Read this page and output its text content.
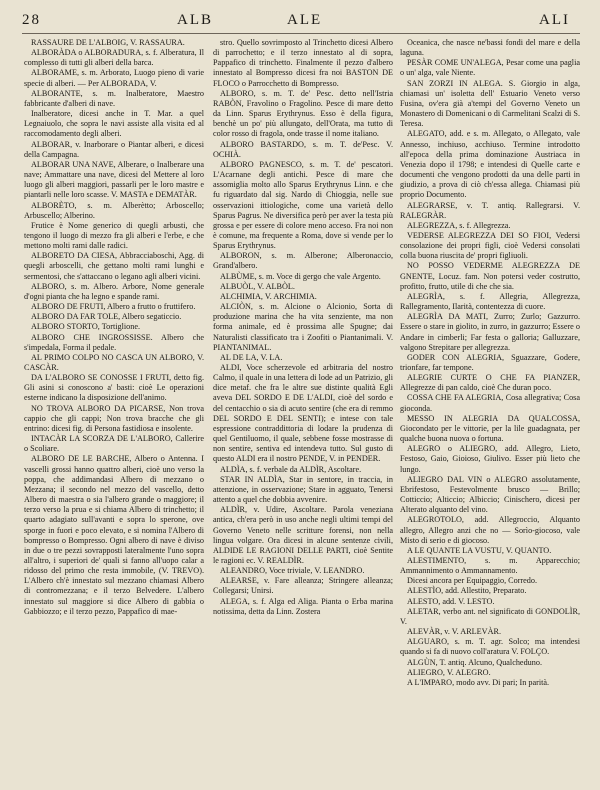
28	ALB	ALE	ALI

RASSAURE DE L'ALBOIG, V. RASSAURA.

ALBORÀDA o ALBORADURA, s. f. Alberatura, Il complesso di tutti gli alberi della barca.

ALBORAME, s. m. Arborato, Luogo pieno di varie specie di alberi. — Per ALBORADA, V.

ALBORANTE, s. m. Inalberatore, Maestro fabbricante d'alberi di nave.

Inalberatore, dicesi anche in T. Mar. a quel Legnaiuolo, che sopra le navi assiste alla visita ed al raccomodamento degli alberi.

ALBORAR, v. Inarborare o Piantar alberi, e dicesi della Campagna.

ALBORAR UNA NAVE, Alberare, o Inalberare una nave; Ammattare una nave, dicesi del Mettere al loro luogo gli alberi maggiori, passarli per le loro mastre e piantarli nelle loro scasse. V. MASTA e DEMATÀR.

ALBORÈTO, s. m. Alberètto; Arboscello; Arbuscello; Alberino.

Frutice è Nome generico di quegli arbusti, che tengono il luogo di mezzo fra gli alberi e l'erbe, e che mettono molti rami dalle radici.

ALBORETO DA CIESA, Abbracciaboschi, Agg. di quegli arboscelli, che gettano molti rami lunghi e sermentosi, che s'attaccano o legano agli alberi vicini.

ALBORO, s. m. Albero. Arbore, Nome generale d'ogni pianta che ha legno e spande rami.

ALBORO DE FRUTI, Albero a frutto o fruttifero.

ALBORO DA FAR TOLE, Albero segaticcio.

ALBORO STORTO, Tortiglione.

ALBORO CHE INGROSSISSE. Albero che s'impedala, Forma il pedale.

AL PRIMO COLPO NO CASCA UN ALBORO, V. CASCÀR.

DA L'ALBORO SE CONOSSE I FRUTI, detto fig. Gli asini si conoscono a' basti: cioè Le operazioni esterne indicano la disposizione dell'animo.

NO TROVA ALBORO DA PICARSE, Non trova cappio che gli cappi; Non trova bracche che gli entrino: dicesi fig. di Persona fastidiosa e insolente.

INTACÀR LA SCORZA DE L'ALBORO, Callerire o Scoliare.

ALBORO DE LE BARCHE, Albero o Antenna. I vascelli grossi hanno quattro alberi, cioè uno verso la poppa, che addimandasi Albero di mezzano o Mezzana; il secondo nel mezzo del vascello, detto Albero di maestra o sia l'albero grande o maggiore; il terzo verso la prua e si chiama Albero di trinchetto; il quarto adagiato sull'avanti e sopra lo sperone, ove sporge in fuori e poco elevato, e si nomina l'Albero di bompresso o Bompresso. Ogni albero di nave è diviso in due o tre pezzi sovrapposti lateralmente l'uno sopra all'altro, i superiori de' quali si fanno all'uopo calar a ridosso del primo che resta immobile, (V. TREVO). L'Albero ch'è innestato sul mezzano chiamasi Albero di contromezzana; e il terzo Belvedere. L'albero innestato sul maggiore si dice Albero di gabbia o Gabbiozzo; e il terzo pezzo, Pappafico di mae-

stro. Quello sovrimposto al Trinchetto dicesi Albero di parrochetto; e il terzo innestato al di sopra, Pappafico di trinchetto. Finalmente il pezzo d'albero innestato al Bompresso dicesi fra noi BASTON DE FLOCO o Parrocchetto di Bompresso.

ALBORO, s. m. T. de' Pesc. detto nell'Istria RABÒN, Fravolino o Fragolino. Pesce di mare detto da Linn. Sparus Erythrynus. Esso è della figura, benchè un po' più allungato, dell'Orata, ma tutto di color rosso di fragola, onde trasse il nome italiano.

ALBORO BASTARDO, s. m. T. de'Pesc. V. OCHIÀ.

ALBORO PAGNESCO, s. m. T. de' pescatori. L'Acarnane degli antichi. Pesce di mare che assomiglia molto allo Sparus Erythrynus Linn. e che fu riguardato dal sig. Nardo di Chioggia, nelle sue osservazioni ittiologiche, come una varietà dello Sparus Pagrus. Ne diversifica però per aver la testa più grossa e per essere di colore meno acceso. Fra noi non è comune, ma frequente a Roma, dove si vende per lo Sparus Erythrynus.

ALBORON, s. m. Alberone; Alberonaccio, Grand'albero.

ALBÙME, s. m. Voce di gergo che vale Argento.

ALBUÒL, V. ALBÒL.

ALCHIMIA, V. ARCHIMIA.

ALCIÒN, s. m. Alcione o Alcionio, Sorta di produzione marina che ha vita senziente, ma non forma animale, ed è prossima alle Spugne; dai Naturalisti classificato tra i Zoofiti o Piantanimali. V. PIANTANIMAL.

AL DE LA, V. LA.

ALDI, Voce scherzevole ed arbitraria del nostro Calmo, il quale in una lettera di lode ad un Patrizio, gli dice metaf. che fra le altre sue distinte qualità Egli aveva DEL SORDO E DE L'ALDI, cioè del sordo e del centacchio o sia di acuto sentire (che era di remmo DEL SORDO E DEL SENTI); e intese con tale espressione contraddittoria di lodare la prudenza di quel Gentiluomo, il quale, sebbene fosse mostrasse di non sentire, sentiva ed intendeva tutto. Sul gusto di questo ALDI era il nostro PENDE, V. in PENDER.

ALDÌA, s. f. verbale da ALDÌR, Ascoltare.

STAR IN ALDÌA, Star in sentore, in traccia, in attenzione, in osservazione; Stare in agguato, Tenersi attento a quel che dobbia avvenire.

ALDÌR, v. Udire, Ascoltare. Parola veneziana antica, ch'era però in uso anche negli ultimi tempi del Governo Veneto nelle scritture forensi, non nella lingua volgare. Ora dicesi in alcune sentenze civili, ALDIDE LE RAGIONI DELLE PARTI, cioè Sentite le ragioni ec. V. REALDÌR.

ALEANDRO, Voce triviale, V. LEANDRO.

ALEARSE, v. Fare alleanza; Stringere alleanza; Collegarsi; Unirsi.

ALEGA, s. f. Alga ed Aliga. Pianta o Erba marina notissima, detta da Linn. Zostera

Oceanica, che nasce ne'bassi fondi del mare e della laguna.

PESÀR COME UN'ALEGA, Pesar come una paglia o un' alga, vale Niente.

SAN ZORZI IN ALEGA. S. Giorgio in alga, chiamasi un' isoletta dell' Estuario Veneto verso Fusina, ov'era già a'tempi del Governo Veneto un Monastero di Domenicani o di Carmelitani Scalzi di S. Teresa.

ALEGATO, add. e s. m. Allegato, o Allegato, vale Annesso, inchiuso, acchiuso. Termine introdotto all'epoca della prima dominazione Austriaca in Venezia dopo il 1798; e intendesi di Quelle carte e documenti che vengono prodotti da una delle parti in giudizio, a prova di ciò ch'essa allega. Chiamasi più proprio Documento.

ALEGRARSE, v. T. antiq. Rallegrarsi. V. RALEGRÀR.

ALEGREZZA, s. f. Allegrezza.

VEDERSE ALEGREZZA DEI SO FIOI, Vedersi consolazione dei propri figli, cioè Vedersi consolati colla buona riuscita de' propri figliuoli.

NO POSSO VEDERME ALEGREZZA DE GNENTE, Locuz. fam. Non potersi veder costrutto, profitto, frutto, utile di che che sia.

ALEGRÌA, s. f. Allegria, Allegrezza, Rallegramento, Ilarità, contentezza di cuore.

ALEGRÌA DA MATI, Zurro; Zurlo; Gazzurro. Essere o stare in giolito, in zurro, in gazzurro; Essere o Andare in cimberli; Far festa o galloria; Galluzzare, valgono Strepitare per allegrezza.

GODER CON ALEGRIA, Sguazzare, Godere, trionfare, far tempone.

ALEGRIE CURTE O CHE FA PIANZER, Allegrezze di pan caldo, cioè Che duran poco.

COSSA CHE FA ALEGRIA, Cosa allegrativa; Cosa gioconda.

MESSO IN ALEGRIA DA QUALCOSSA, Giocondato per le vittorie, per la lile guadagnata, per qualche buona nuova o fortuna.

ALEGRO o ALIEGRO, add. Allegro, Lieto, Festoso, Gaio, Gioioso, Giulivo. Esser più lieto che lungo.

ALIEGRO DAL VIN o ALEGRO assolutamente, Ebrifestoso, Festevolmente brusco — Brillo; Cotticcio; Alticcio; Albiccio; Cinischero, dicesi per Alterato alquanto del vino.

ALEGROTOLO, add. Allegroccio, Alquanto allegro, Allegro anzi che no — Sorìo-giocoso, vale Misto di serio e di giocoso.

A LE QUANTE LA VUSTU, V. QUANTO.

ALESTIMENTO, s. m. Apparecchio; Ammannimento o Ammannamento.

Dicesi ancora per Equipaggio, Corredo.

ALESTÌO, add. Allestito, Preparato.

ALESTO, add. V. LESTO.

ALETAR, verbo ant. nel significato di GONDOLÌR, V.

ALEVÀR, v. V. ARLEVÀR.

ALGUARO, s. m. T. agr. Solco; ma intendesi quando si fa di nuovo coll'aratura V. FOLÇO.

ALGÙN, T. antiq. Alcuno, Qualcheduno.

ALIEGRO, V. ALEGRO.

A L'IMPARO, modo avv. Di pari; In parità.
